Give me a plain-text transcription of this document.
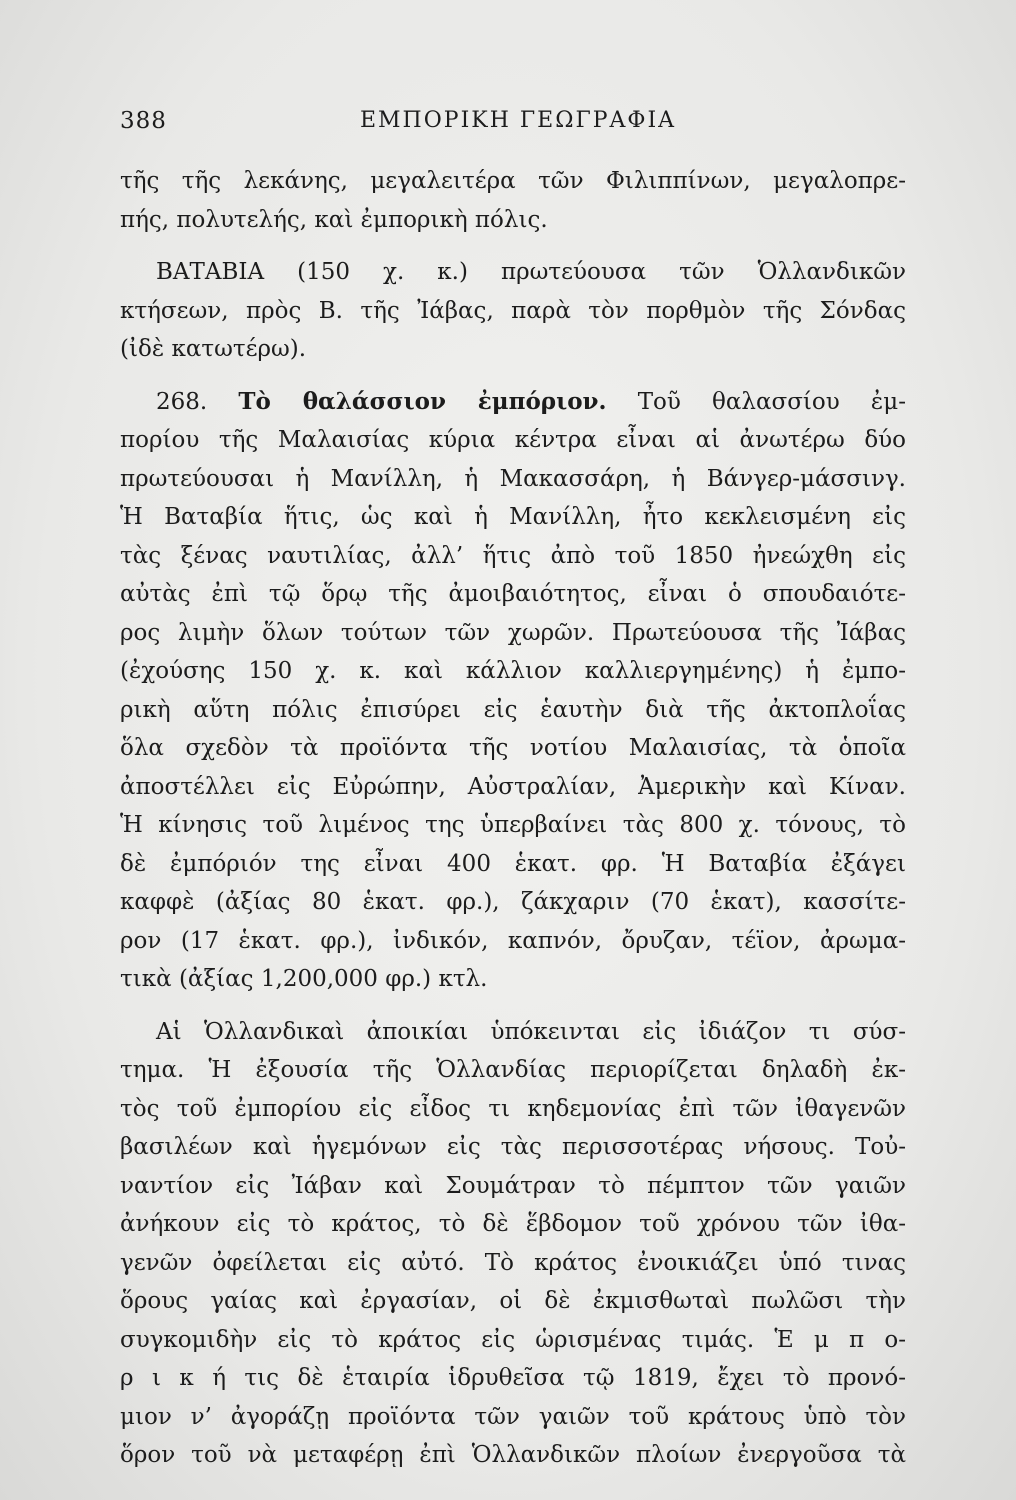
388	ΕΜΠΟΡΙΚΗ ΓΕΩΓΡΑΦΙΑ
τῆς τῆς λεκάνης, μεγαλειτέρα τῶν Φιλιππίνων, μεγαλοπρε-
πής, πολυτελής, καὶ ἐμπορικὴ πόλις.
ΒΑΤΑΒΙΑ (150 χ. κ.) πρωτεύουσα τῶν Ὁλλανδικῶν
κτήσεων, πρὸς Β. τῆς Ἰάβας, παρὰ τὸν πορθμὸν τῆς Σόνδας
(ἰδὲ κατωτέρω).
268. Τὸ θαλάσσιον ἐμπόριον. Τοῦ θαλασσίου ἐμ-
πορίου τῆς Μαλαισίας κύρια κέντρα εἶναι αἱ ἀνωτέρω δύο
πρωτεύουσαι ἡ Μανίλλη, ἡ Μακασσάρη, ἡ Βάνγερ-μάσσινγ.
Ἡ Βαταβία ἥτις, ὡς καὶ ἡ Μανίλλη, ἦτο κεκλεισμένη εἰς
τὰς ξένας ναυτιλίας, ἀλλ’ ἥτις ἀπὸ τοῦ 1850 ἠνεώχθη εἰς
αὐτὰς ἐπὶ τῷ ὅρῳ τῆς ἀμοιβαιότητος, εἶναι ὁ σπουδαιότε-
ρος λιμὴν ὅλων τούτων τῶν χωρῶν. Πρωτεύουσα τῆς Ἰάβας
(ἐχούσης 150 χ. κ. καὶ κάλλιον καλλιεργημένης) ἡ ἐμπο-
ρικὴ αὕτη πόλις ἐπισύρει εἰς ἑαυτὴν διὰ τῆς ἀκτοπλοΐας
ὅλα σχεδὸν τὰ προϊόντα τῆς νοτίου Μαλαισίας, τὰ ὁποῖα
ἀποστέλλει εἰς Εὐρώπην, Αὐστραλίαν, Ἀμερικὴν καὶ Κίναν.
Ἡ κίνησις τοῦ λιμένος της ὑπερβαίνει τὰς 800 χ. τόνους, τὸ
δὲ ἐμπόριόν της εἶναι 400 ἑκατ. φρ. Ἡ Βαταβία ἐξάγει
καφφὲ (ἀξίας 80 ἑκατ. φρ.), ζάκχαριν (70 ἑκατ), κασσίτε-
ρον (17 ἑκατ. φρ.), ἰνδικόν, καπνόν, ὄρυζαν, τέϊον, ἀρωμα-
τικὰ (ἀξίας 1,200,000 φρ.) κτλ.
Αἱ Ὁλλανδικαὶ ἀποικίαι ὑπόκεινται εἰς ἰδιάζον τι σύσ-
τημα. Ἡ ἐξουσία τῆς Ὁλλανδίας περιορίζεται δηλαδὴ ἐκ-
τὸς τοῦ ἐμπορίου εἰς εἶδος τι κηδεμονίας ἐπὶ τῶν ἰθαγενῶν
βασιλέων καὶ ἡγεμόνων εἰς τὰς περισσοτέρας νήσους. Τοὐ-
ναντίον εἰς Ἰάβαν καὶ Σουμάτραν τὸ πέμπτον τῶν γαιῶν
ἀνήκουν εἰς τὸ κράτος, τὸ δὲ ἕβδομον τοῦ χρόνου τῶν ἰθα-
γενῶν ὀφείλεται εἰς αὐτό. Τὸ κράτος ἐνοικιάζει ὑπό τινας
ὅρους γαίας καὶ ἐργασίαν, οἱ δὲ ἐκμισθωταὶ πωλῶσι τὴν
συγκομιδὴν εἰς τὸ κράτος εἰς ὡρισμένας τιμάς. Ἑ μ π ο-
ρ ι κ ή τις δὲ ἑταιρία ἱδρυθεῖσα τῷ 1819, ἔχει τὸ προνό-
μιον ν’ ἀγοράζῃ προϊόντα τῶν γαιῶν τοῦ κράτους ὑπὸ τὸν
ὅρον τοῦ νὰ μεταφέρῃ ἐπὶ Ὁλλανδικῶν πλοίων ἐνεργοῦσα τὰ
